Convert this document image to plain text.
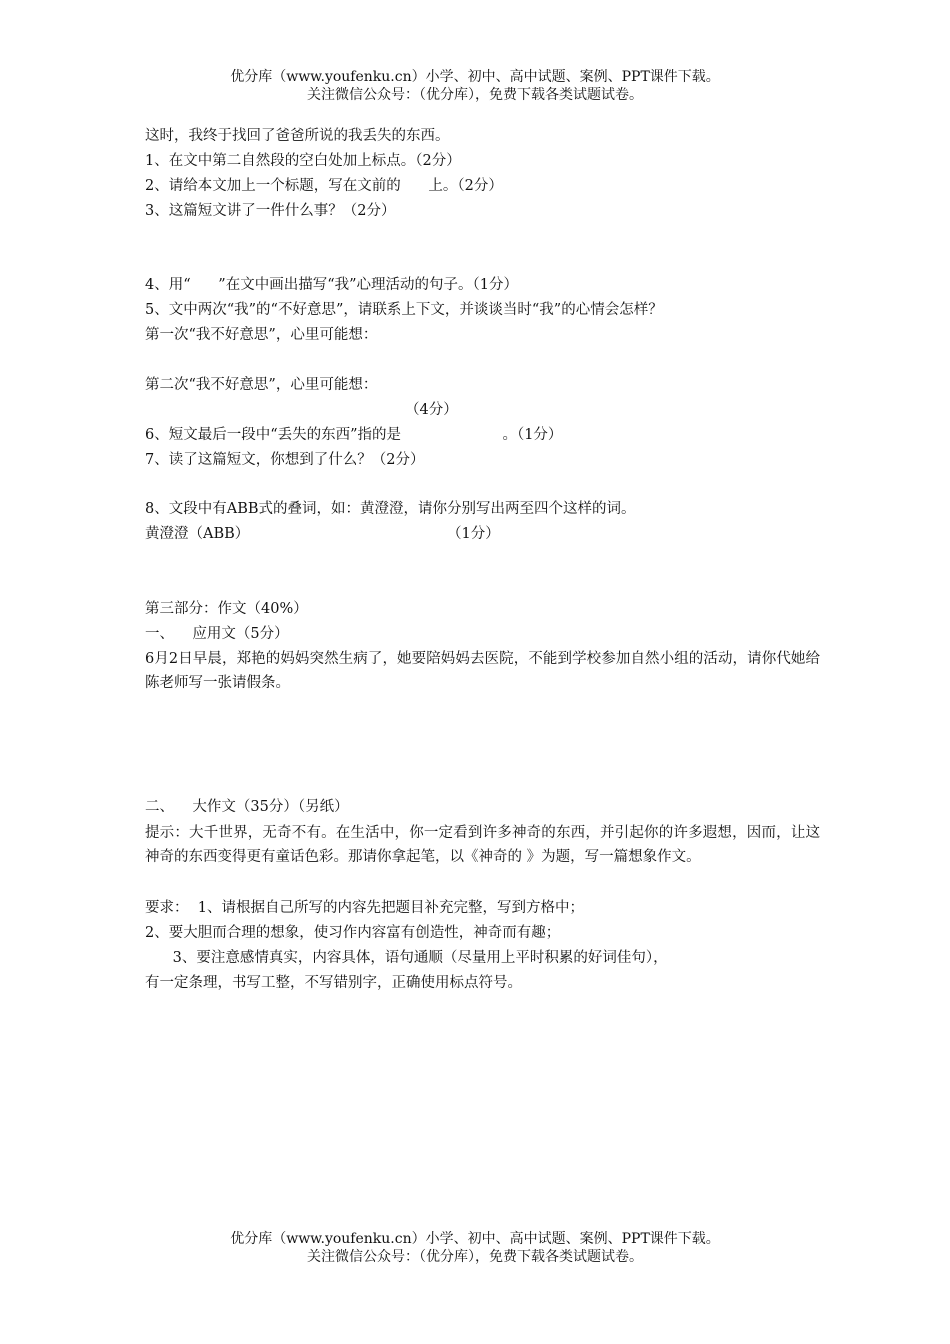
优分库（www.youfenku.cn）小学、初中、高中试题、案例、PPT课件下载。
关注微信公众号：（优分库），免费下载各类试题试卷。
这时，我终于找回了爸爸所说的我丢失的东西。
1、在文中第二自然段的空白处加上标点。（2分）
2、请给本文加上一个标题，写在文前的      上。（2分）
3、这篇短文讲了一件什么事？（2分）
4、用“      ”在文中画出描写“我”心理活动的句子。（1分）
5、文中两次“我”的“不好意思”，请联系上下文，并谈谈当时“我”的心情会怎样？
第一次“我不好意思”，心里可能想：
第二次“我不好意思”，心里可能想：
（4分）
6、短文最后一段中“丢失的东西”指的是                      。（1分）
7、读了这篇短文，你想到了什么？（2分）
8、文段中有ABB式的叠词，如：黄澄澄，请你分别写出两至四个这样的词。
黄澄澄（ABB）	（1分）
第三部分：作文（40%）
一、    应用文（5分）
6月2日早晨，郑艳的妈妈突然生病了，她要陪妈妈去医院，不能到学校参加自然小组的活动，请你代她给陈老师写一张请假条。
二、    大作文（35分）（另纸）
提示：大千世界，无奇不有。在生活中，你一定看到许多神奇的东西，并引起你的许多遐想，因而，让这神奇的东西变得更有童话色彩。那请你拿起笔，以《神奇的 》为题，写一篇想象作文。
要求：  1、请根据自己所写的内容先把题目补充完整，写到方格中；
2、要大胆而合理的想象，使习作内容富有创造性，神奇而有趣；
3、要注意感情真实，内容具体，语句通顺（尽量用上平时积累的好词佳句），
有一定条理，书写工整，不写错别字，正确使用标点符号。
优分库（www.youfenku.cn）小学、初中、高中试题、案例、PPT课件下载。
关注微信公众号：（优分库），免费下载各类试题试卷。
